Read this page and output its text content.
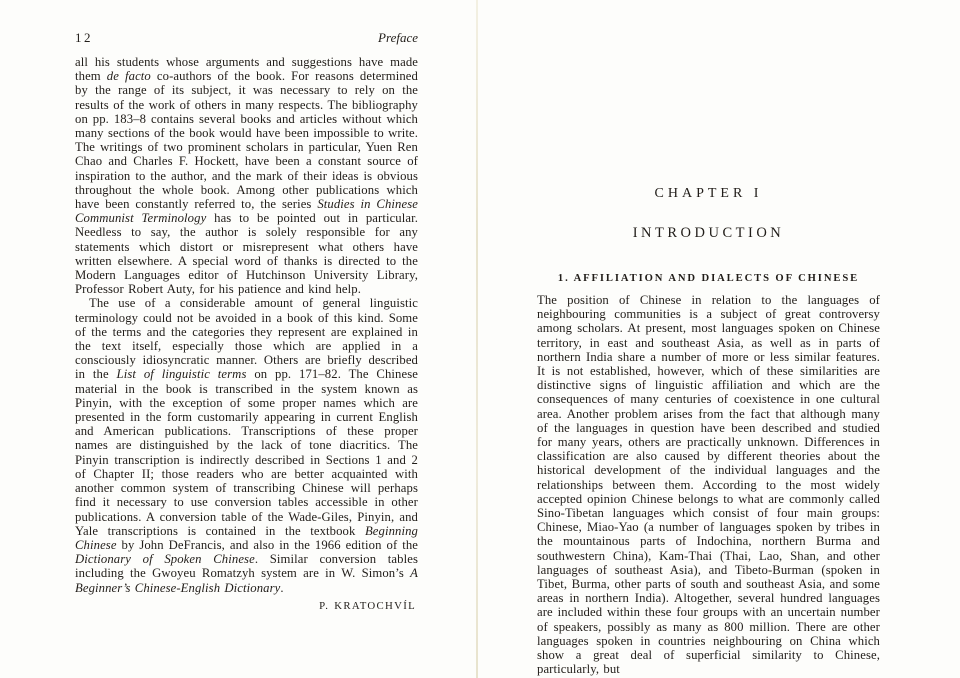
12	Preface

all his students whose arguments and suggestions have made them de facto co-authors of the book. For reasons determined by the range of its subject, it was necessary to rely on the results of the work of others in many respects. The bibliography on pp. 183–8 contains several books and articles without which many sections of the book would have been impossible to write. The writings of two prominent scholars in particular, Yuen Ren Chao and Charles F. Hockett, have been a constant source of inspiration to the author, and the mark of their ideas is obvious throughout the whole book. Among other publications which have been constantly referred to, the series Studies in Chinese Communist Terminology has to be pointed out in particular. Needless to say, the author is solely responsible for any statements which distort or misrepresent what others have written elsewhere. A special word of thanks is directed to the Modern Languages editor of Hutchinson University Library, Professor Robert Auty, for his patience and kind help.

The use of a considerable amount of general linguistic terminology could not be avoided in a book of this kind. Some of the terms and the categories they represent are explained in the text itself, especially those which are applied in a consciously idiosyncratic manner. Others are briefly described in the List of linguistic terms on pp. 171–82. The Chinese material in the book is transcribed in the system known as Pinyin, with the exception of some proper names which are presented in the form customarily appearing in current English and American publications. Transcriptions of these proper names are distinguished by the lack of tone diacritics. The Pinyin transcription is indirectly described in Sections 1 and 2 of Chapter II; those readers who are better acquainted with another common system of transcribing Chinese will perhaps find it necessary to use conversion tables accessible in other publications. A conversion table of the Wade-Giles, Pinyin, and Yale transcriptions is contained in the textbook Beginning Chinese by John DeFrancis, and also in the 1966 edition of the Dictionary of Spoken Chinese. Similar conversion tables including the Gwoyeu Romatzyh system are in W. Simon’s A Beginner’s Chinese-English Dictionary.

P. KRATOCHVÍL
CHAPTER I
INTRODUCTION
1. AFFILIATION AND DIALECTS OF CHINESE

The position of Chinese in relation to the languages of neighbouring communities is a subject of great controversy among scholars. At present, most languages spoken on Chinese territory, in east and southeast Asia, as well as in parts of northern India share a number of more or less similar features. It is not established, however, which of these similarities are distinctive signs of linguistic affiliation and which are the consequences of many centuries of coexistence in one cultural area. Another problem arises from the fact that although many of the languages in question have been described and studied for many years, others are practically unknown. Differences in classification are also caused by different theories about the historical development of the individual languages and the relationships between them. According to the most widely accepted opinion Chinese belongs to what are commonly called Sino-Tibetan languages which consist of four main groups: Chinese, Miao-Yao (a number of languages spoken by tribes in the mountainous parts of Indochina, northern Burma and southwestern China), Kam-Thai (Thai, Lao, Shan, and other languages of southeast Asia), and Tibeto-Burman (spoken in Tibet, Burma, other parts of south and southeast Asia, and some areas in northern India). Altogether, several hundred languages are included within these four groups with an uncertain number of speakers, possibly as many as 800 million. There are other languages spoken in countries neighbouring on China which show a great deal of superficial similarity to Chinese, particularly, but
